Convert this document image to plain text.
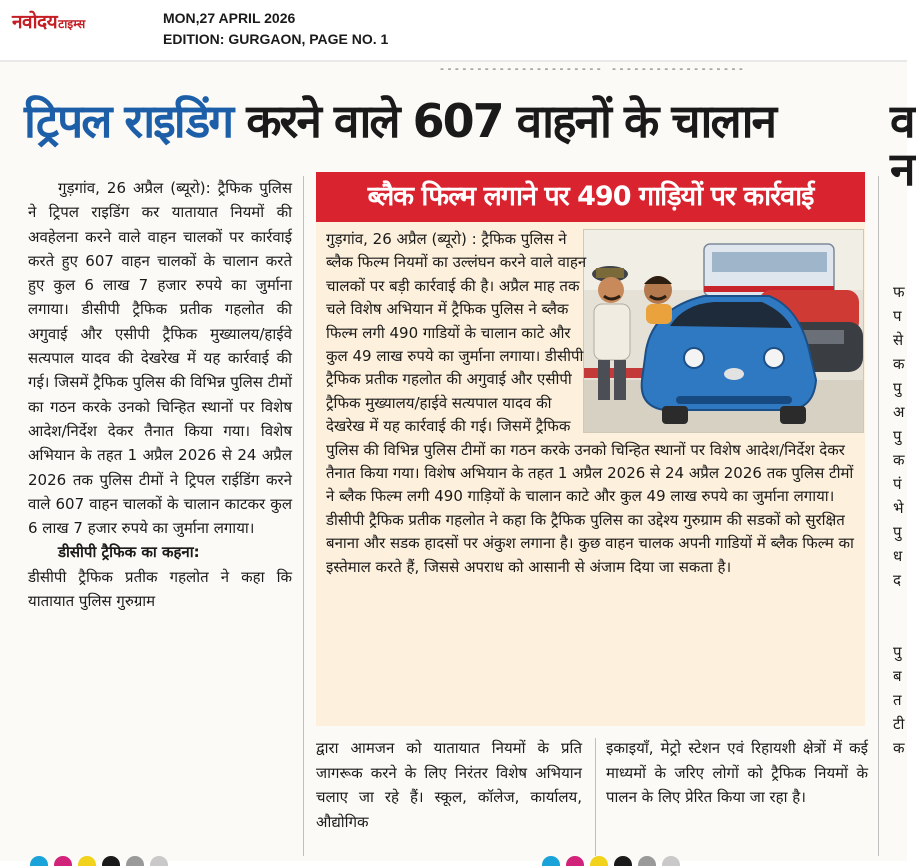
नवोदय टाइम्स	MON,27 APRIL 2026
EDITION: GURGAON, PAGE NO. 1
- - - - - - - - - - - - - - - - - - - - - - - - - - - - - - - - - - - - - - - -
ट्रिपल राइडिंग करने वाले 607 वाहनों के चालान व
न

गुड़गांव, 26 अप्रैल (ब्यूरो): ट्रैफिक पुलिस ने ट्रिपल राइडिंग कर यातायात नियमों की अवहेलना करने वाले वाहन चालकों पर कार्रवाई करते हुए 607 वाहन चालकों के चालान करते हुए कुल 6 लाख 7 हजार रुपये का जुर्माना लगाया। डीसीपी ट्रैफिक प्रतीक गहलोत की अगुवाई और एसीपी ट्रैफिक मुख्यालय/हाईवे सत्यपाल यादव की देखरेख में यह कार्रवाई की गई। जिसमें ट्रैफिक पुलिस की विभिन्न पुलिस टीमों का गठन करके उनको चिन्हित स्थानों पर विशेष आदेश/निर्देश देकर तैनात किया गया। विशेष अभियान के तहत 1 अप्रैल 2026 से 24 अप्रैल 2026 तक पुलिस टीमों ने ट्रिपल राईडिंग करने वाले 607 वाहन चालकों के चालान काटकर कुल 6 लाख 7 हजार रुपये का जुर्माना लगाया।

डीसीपी ट्रैफिक का कहना:

डीसीपी ट्रैफिक प्रतीक गहलोत ने कहा कि यातायात पुलिस गुरुग्राम

ब्लैक फिल्म लगाने पर 490 गाड़ियों पर कार्रवाई

गुड़गांव, 26 अप्रैल (ब्यूरो) : ट्रैफिक पुलिस ने ब्लैक फिल्म नियमों का उल्लंघन करने वाले वाहन चालकों पर बड़ी कार्रवाई की है। अप्रैल माह तक चले विशेष अभियान में ट्रैफिक पुलिस ने ब्लैक फिल्म लगी 490 गाडियों के चालान काटे और कुल 49 लाख रुपये का जुर्माना लगाया। डीसीपी ट्रैफिक प्रतीक गहलोत की अगुवाई और एसीपी ट्रैफिक मुख्यालय/हाईवे सत्यपाल यादव की देखरेख में यह कार्रवाई की गई। जिसमें ट्रैफिक पुलिस की विभिन्न पुलिस टीमों का गठन करके उनको चिन्हित स्थानों पर विशेष आदेश/निर्देश देकर तैनात किया गया। विशेष अभियान के तहत 1 अप्रैल 2026 से 24 अप्रैल 2026 तक पुलिस टीमों ने ब्लैक फिल्म लगी 490 गाड़ियों के चालान काटे और कुल 49 लाख रुपये का जुर्माना लगाया। डीसीपी ट्रैफिक प्रतीक गहलोत ने कहा कि ट्रैफिक पुलिस का उद्देश्य गुरुग्राम की सडकों को सुरक्षित बनाना और सडक हादसों पर अंकुश लगाना है। कुछ वाहन चालक अपनी गाडियों में ब्लैक फिल्म का इस्तेमाल करते हैं, जिससे अपराध को आसानी से अंजाम दिया जा सकता है।

द्वारा आमजन को यातायात नियमों के प्रति जागरूक करने के लिए निरंतर विशेष अभियान चलाए जा रहे हैं। स्कूल, कॉलेज, कार्यालय, औद्योगिक
इकाइयाँ, मेट्रो स्टेशन एवं रिहायशी क्षेत्रों में कई माध्यमों के जरिए लोगों को ट्रैफिक नियमों के पालन के लिए प्रेरित किया जा रहा है।
फ
प
से
क
पु
अ
पु
क
पं
भे
पु
ध
द
पु
ब
त
टी
क
